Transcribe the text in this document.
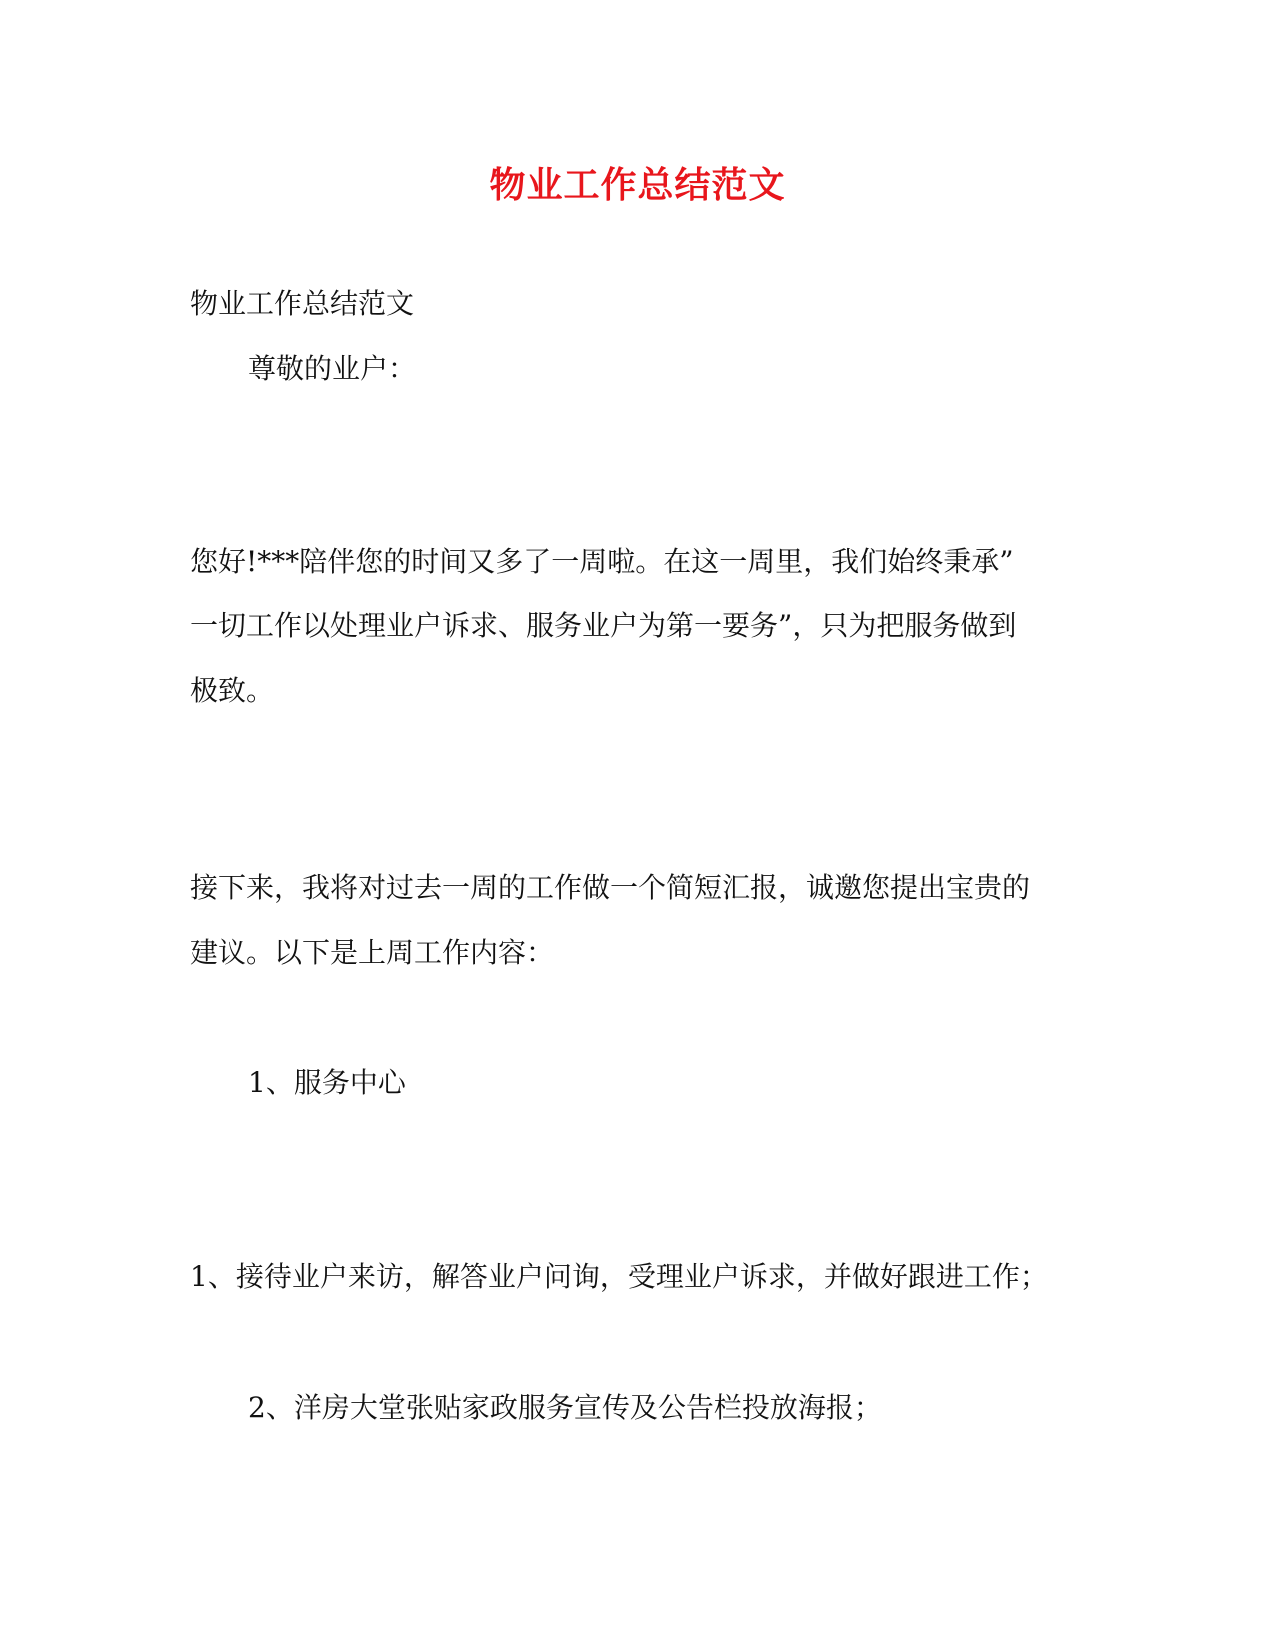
物业工作总结范文
物业工作总结范文
尊敬的业户：
您好!***陪伴您的时间又多了一周啦。在这一周里，我们始终秉承”
一切工作以处理业户诉求、服务业户为第一要务”，只为把服务做到
极致。
接下来，我将对过去一周的工作做一个简短汇报，诚邀您提出宝贵的
建议。以下是上周工作内容：
1、服务中心
1、接待业户来访，解答业户问询，受理业户诉求，并做好跟进工作；
2、洋房大堂张贴家政服务宣传及公告栏投放海报；
